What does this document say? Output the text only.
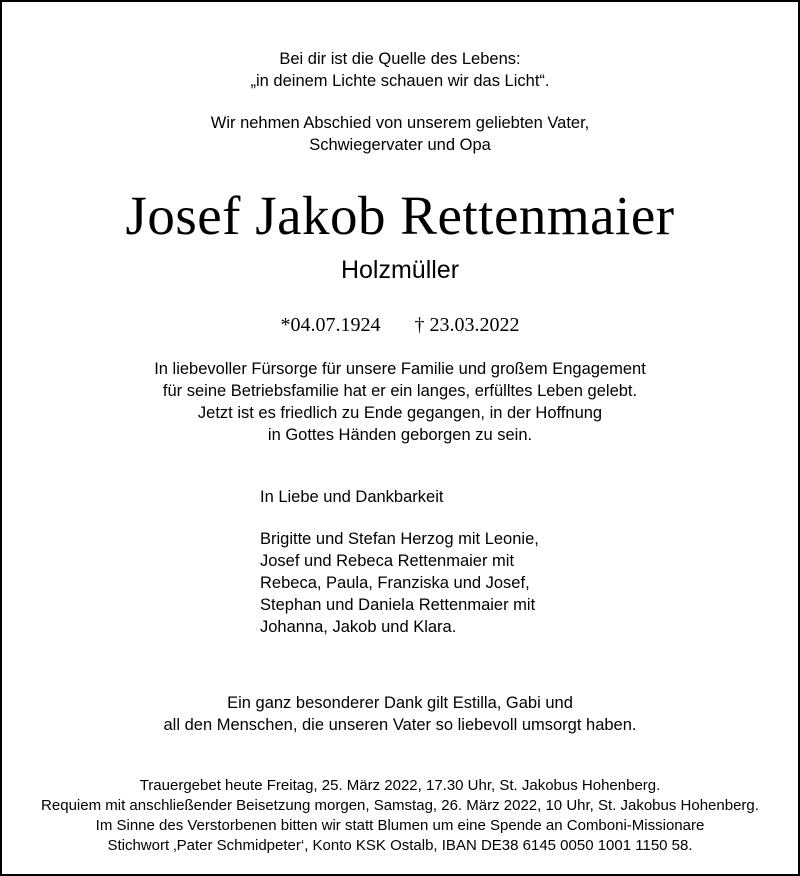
Bei dir ist die Quelle des Lebens:
„in deinem Lichte schauen wir das Licht“.
Wir nehmen Abschied von unserem geliebten Vater,
Schwiegervater und Opa
Josef Jakob Rettenmaier
Holzmüller
*04.07.1924 † 23.03.2022
In liebevoller Fürsorge für unsere Familie und großem Engagement
für seine Betriebsfamilie hat er ein langes, erfülltes Leben gelebt.
Jetzt ist es friedlich zu Ende gegangen, in der Hoffnung
in Gottes Händen geborgen zu sein.
In Liebe und Dankbarkeit
Brigitte und Stefan Herzog mit Leonie,
Josef und Rebeca Rettenmaier mit
Rebeca, Paula, Franziska und Josef,
Stephan und Daniela Rettenmaier mit
Johanna, Jakob und Klara.
Ein ganz besonderer Dank gilt Estilla, Gabi und
all den Menschen, die unseren Vater so liebevoll umsorgt haben.
Trauergebet heute Freitag, 25. März 2022, 17.30 Uhr, St. Jakobus Hohenberg.
Requiem mit anschließender Beisetzung morgen, Samstag, 26. März 2022, 10 Uhr, St. Jakobus Hohenberg.
Im Sinne des Verstorbenen bitten wir statt Blumen um eine Spende an Comboni-Missionare
Stichwort ‚Pater Schmidpeter‘, Konto KSK Ostalb, IBAN DE38 6145 0050 1001 1150 58.
